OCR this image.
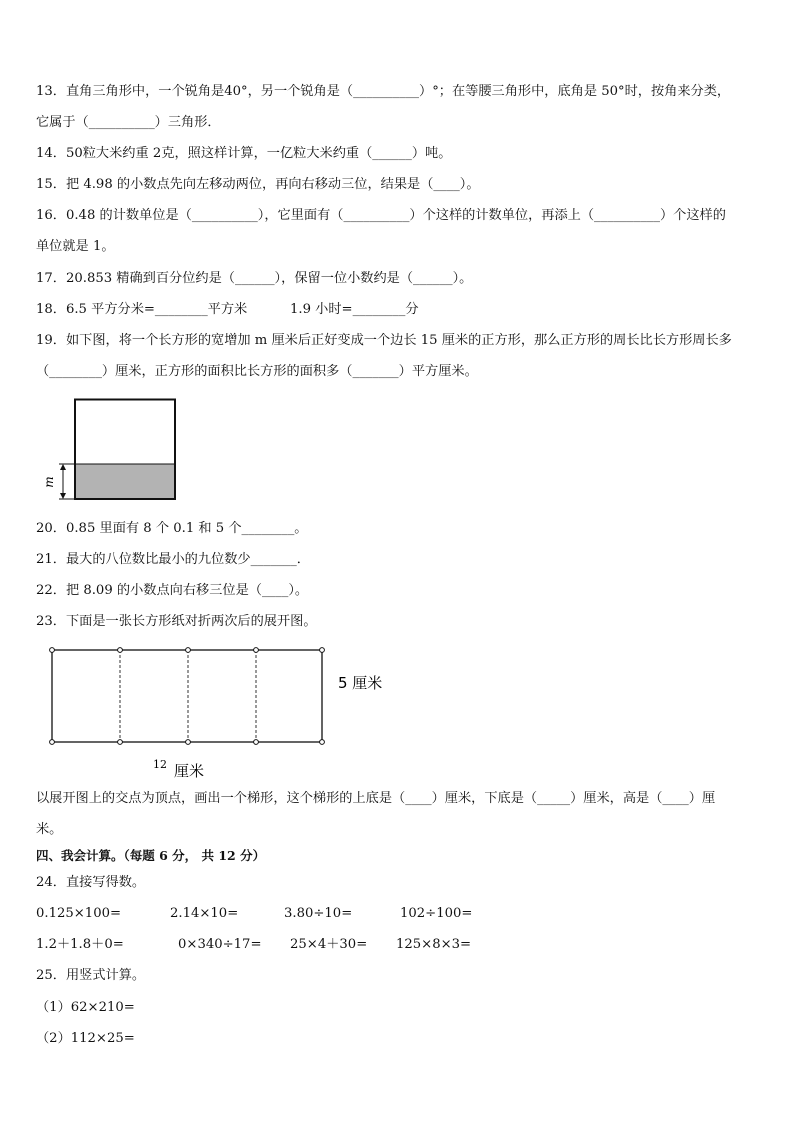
13．直角三角形中，一个锐角是40°，另一个锐角是（__________）°；在等腰三角形中，底角是 50°时，按角来分类，
它属于（__________）三角形．
14．50粒大米约重 2克，照这样计算，一亿粒大米约重（______）吨。
15．把 4.98 的小数点先向左移动两位，再向右移动三位，结果是（____）。
16．0.48 的计数单位是（__________），它里面有（__________）个这样的计数单位，再添上（__________）个这样的
单位就是 1。
17．20.853 精确到百分位约是（______），保留一位小数约是（______）。
18．6.5 平方分米=________平方米	1.9 小时=________分
19．如下图，将一个长方形的宽增加 m 厘米后正好变成一个边长 15 厘米的正方形，那么正方形的周长比长方形周长多
（________）厘米，正方形的面积比长方形的面积多（_______）平方厘米。
m
20．0.85 里面有 8 个 0.1 和 5 个________。
21．最大的八位数比最小的九位数少_______．
22．把 8.09 的小数点向右移三位是（____）。
23．下面是一张长方形纸对折两次后的展开图。
5 厘米
12 厘米
以展开图上的交点为顶点，画出一个梯形，这个梯形的上底是（____）厘米，下底是（_____）厘米，高是（____）厘
米。
四、我会计算。（每题 6 分， 共 12 分）
24．直接写得数。
0.125×100=	2.14×10=	3.80÷10=	102÷100=
1.2＋1.8＋0=	0×340÷17= 25×4＋30= 125×8×3=
25．用竖式计算。
（1）62×210=
（2）112×25=
